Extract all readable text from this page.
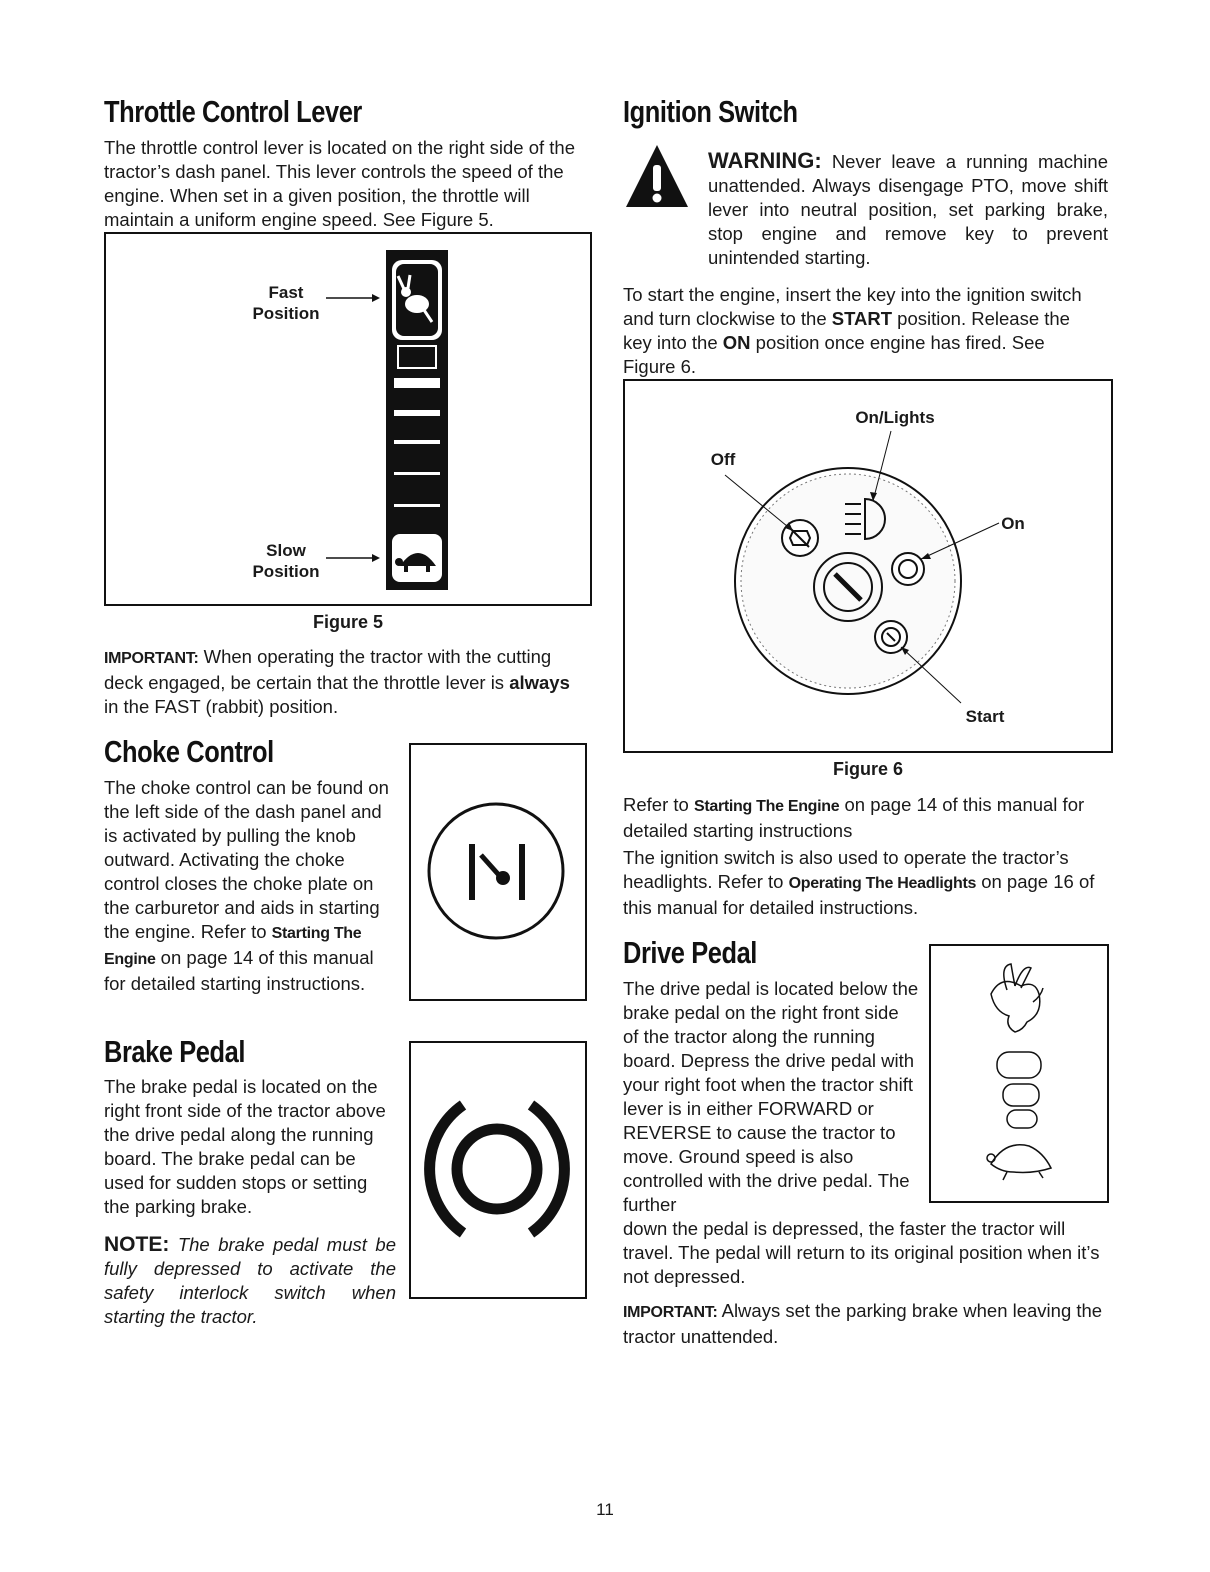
Throttle Control Lever

The throttle control lever is located on the right side of the tractor’s dash panel. This lever controls the speed of the engine. When set in a given position, the throttle will maintain a uniform engine speed. See Figure 5.

Fast
Position
Slow
Position
Figure 5

IMPORTANT: When operating the tractor with the cutting deck engaged, be certain that the throttle lever is always in the FAST (rabbit) position.

Choke Control

The choke control can be found on the left side of the dash panel and is activated by pulling the knob outward. Activating the choke control closes the choke plate on the carburetor and aids in starting the engine. Refer to Starting The Engine on page 14 of this manual for detailed starting instructions.

Brake Pedal

The brake pedal is located on the right front side of the tractor above the drive pedal along the running board. The brake pedal can be used for sudden stops or setting the parking brake.

NOTE: The brake pedal must be fully depressed to activate the safety interlock switch when starting the tractor.

Ignition Switch

WARNING: Never leave a running machine unattended. Always disengage PTO, move shift lever into neutral position, set parking brake, stop engine and remove key to prevent unintended starting.

To start the engine, insert the key into the ignition switch and turn clockwise to the START position. Release the key into the ON position once engine has fired. See Figure 6.

On/Lights
Off
On
Start
Figure 6

Refer to Starting The Engine on page 14 of this manual for detailed starting instructions

The ignition switch is also used to operate the tractor’s headlights. Refer to Operating The Headlights on page 16 of this manual for detailed instructions.

Drive Pedal

The drive pedal is located below the brake pedal on the right front side of the tractor along the running board. Depress the drive pedal with your right foot when the tractor shift lever is in either FORWARD or REVERSE to cause the tractor to move. Ground speed is also controlled with the drive pedal. The further

down the pedal is depressed, the faster the tractor will travel. The pedal will return to its original position when it’s not depressed.

IMPORTANT: Always set the parking brake when leaving the tractor unattended.

11
